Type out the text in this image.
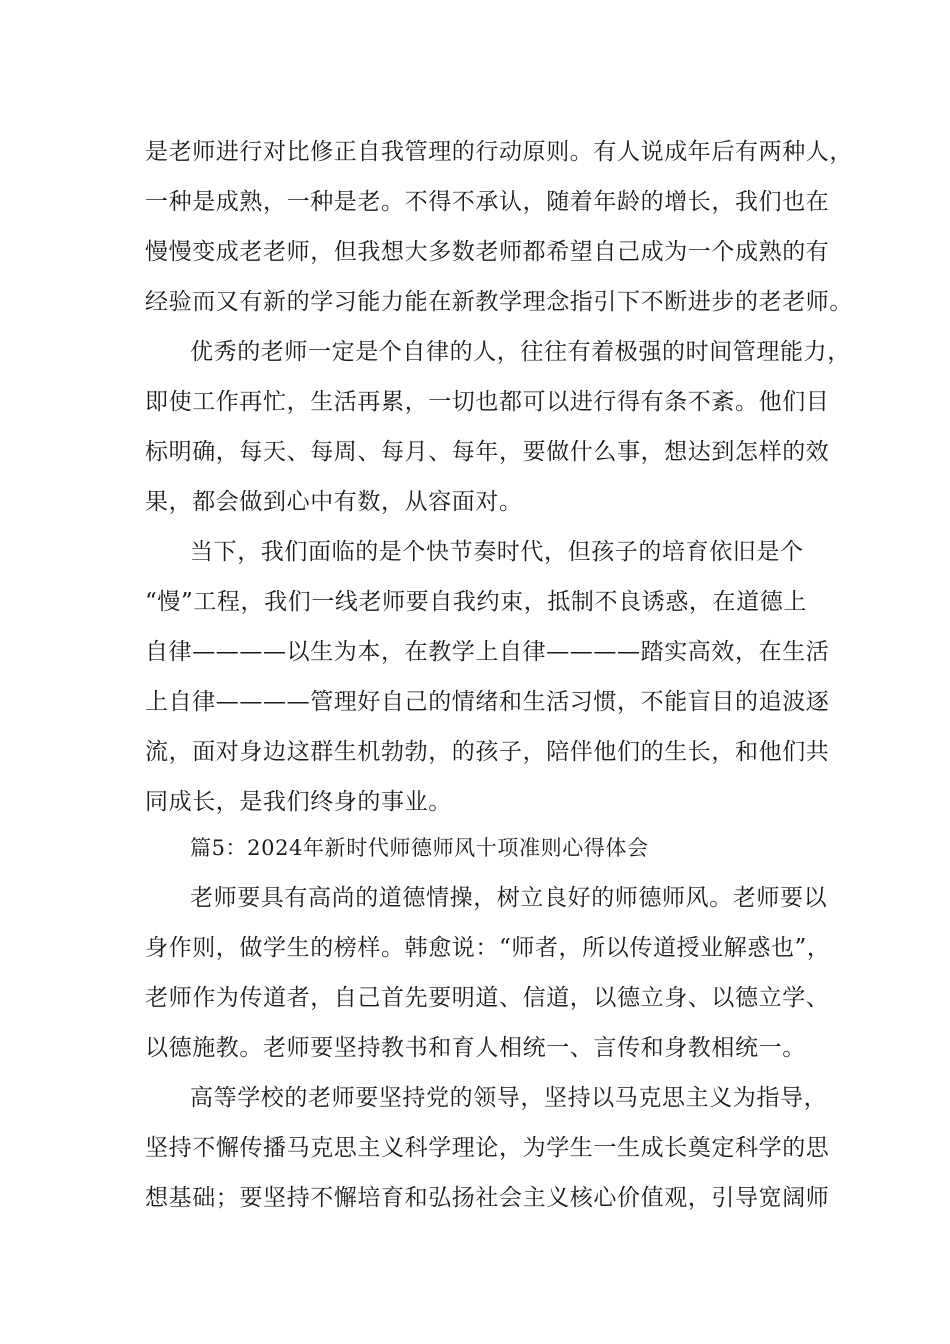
是老师进行对比修正自我管理的行动原则。有人说成年后有两种人，
一种是成熟，一种是老。不得不承认，随着年龄的增长，我们也在
慢慢变成老老师，但我想大多数老师都希望自己成为一个成熟的有
经验而又有新的学习能力能在新教学理念指引下不断进步的老老师。
优秀的老师一定是个自律的人，往往有着极强的时间管理能力，
即使工作再忙，生活再累，一切也都可以进行得有条不紊。他们目
标明确，每天、每周、每月、每年，要做什么事，想达到怎样的效
果，都会做到心中有数，从容面对。
当下，我们面临的是个快节奏时代，但孩子的培育依旧是个
“慢”工程，我们一线老师要自我约束，抵制不良诱惑，在道德上
自律————以生为本，在教学上自律————踏实高效，在生活
上自律————管理好自己的情绪和生活习惯，不能盲目的追波逐
流，面对身边这群生机勃勃，的孩子，陪伴他们的生长，和他们共
同成长，是我们终身的事业。
篇5：2024年新时代师德师风十项准则心得体会
老师要具有高尚的道德情操，树立良好的师德师风。老师要以
身作则，做学生的榜样。韩愈说：“师者，所以传道授业解惑也”，
老师作为传道者，自己首先要明道、信道，以德立身、以德立学、
以德施教。老师要坚持教书和育人相统一、言传和身教相统一。
高等学校的老师要坚持党的领导，坚持以马克思主义为指导，
坚持不懈传播马克思主义科学理论，为学生一生成长奠定科学的思
想基础；要坚持不懈培育和弘扬社会主义核心价值观，引导宽阔师
